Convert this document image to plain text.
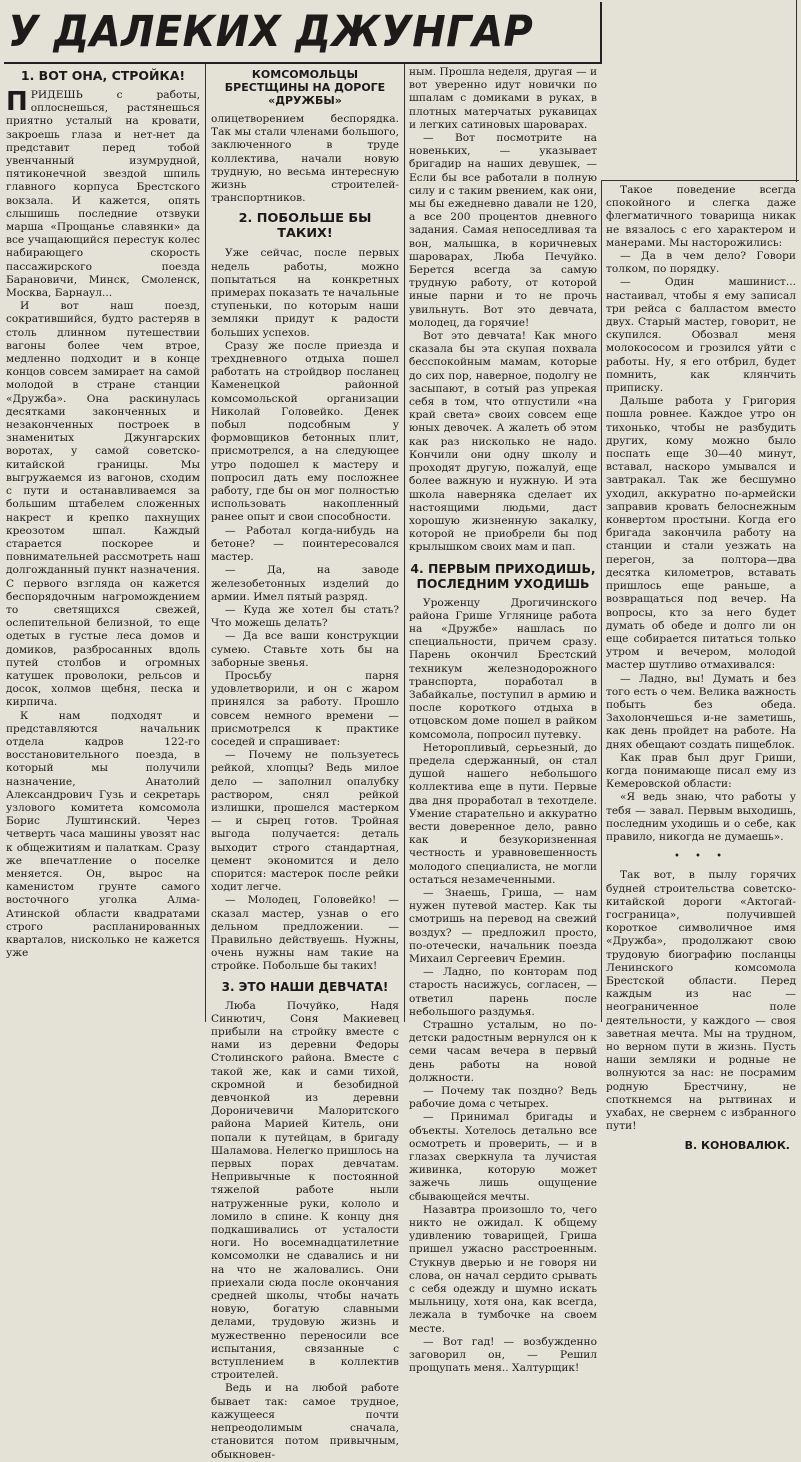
У ДАЛЕКИХ ДЖУНГАР
1. ВОТ ОНА, СТРОЙКА!

ПРИДЕШЬ с работы, оплоснешься, растянешься приятно усталый на кровати, закроешь глаза и нет-нет да представит перед тобой увенчанный изумрудной, пятиконечной звездой шпиль главного корпуса Брестского вокзала. И кажется, опять слышишь последние отзвуки марша «Прощанье славянки» да все учащающийся перестук колес набирающего скорость пассажирского поезда Барановичи, Минск, Смоленск, Москва, Барнаул...

И вот наш поезд, сократившийся, будто растеряв в столь длинном путешествии вагоны более чем втрое, медленно подходит и в конце концов совсем замирает на самой молодой в стране станции «Дружба». Она раскинулась десятками законченных и незаконченных построек в знаменитых Джунгарских воротах, у самой советско-китайской границы. Мы выгружаемся из вагонов, сходим с пути и останавливаемся за большим штабелем сложенных накрест и крепко пахнущих креозотом шпал. Каждый старается поскорее и повнимательней рассмотреть наш долгожданный пункт назначения. С первого взгляда он кажется беспорядочным нагромождением то светящихся свежей, ослепительной белизной, то еще одетых в густые леса домов и домиков, разбросанных вдоль путей столбов и огромных катушек проволоки, рельсов и досок, холмов щебня, песка и кирпича.

К нам подходят и представляются начальник отдела кадров 122-го восстановительного поезда, в который мы получили назначение, Анатолий Александрович Гузь и секретарь узлового комитета комсомола Борис Луштинский. Через четверть часа машины увозят нас к общежитиям и палаткам. Сразу же впечатление о поселке меняется. Он, вырос на каменистом грунте самого восточного уголка Алма-Атинской области квадратами строго распланированных кварталов, нисколько не кажется уже

КОМСОМОЛЬЦЫ БРЕСТЩИНЫ НА ДОРОГЕ «ДРУЖБЫ»

олицетворением беспорядка. Так мы стали членами большого, заключенного в труде коллектива, начали новую трудную, но весьма интересную жизнь строителей-транспортников.

2. ПОБОЛЬШЕ БЫ ТАКИХ!

Уже сейчас, после первых недель работы, можно попытаться на конкретных примерах показать те начальные ступеньки, по которым наши земляки придут к радости больших успехов.

Сразу же после приезда и трехдневного отдыха пошел работать на стройдвор посланец Каменецкой районной комсомольской организации Николай Головейко. Денек побыл подсобным у формовщиков бетонных плит, присмотрелся, а на следующее утро подошел к мастеру и попросил дать ему посложнее работу, где бы он мог полностью использовать накопленный ранее опыт и свои способности.

— Работал когда-нибудь на бетоне? — поинтересовался мастер.

— Да, на заводе железобетонных изделий до армии. Имел пятый разряд.

— Куда же хотел бы стать? Что можешь делать?

— Да все ваши конструкции сумею. Ставьте хоть бы на заборные звенья.

Просьбу парня удовлетворили, и он с жаром принялся за работу. Прошло совсем немного времени — присмотрелся к практике соседей и спрашивает:

— Почему не пользуетесь рейкой, хлопцы? Ведь милое дело — заполнил опалубку раствором, снял рейкой излишки, прошелся мастерком — и сырец готов. Тройная выгода получается: деталь выходит строго стандартная, цемент экономится и дело спорится: мастерок после рейки ходит легче.

— Молодец, Головейко! — сказал мастер, узнав о его дельном предложении. — Правильно действуешь. Нужны, очень нужны нам такие на стройке. Побольше бы таких!

3. ЭТО НАШИ ДЕВЧАТА!

Люба Почуйко, Надя Синютич, Соня Макиевец прибыли на стройку вместе с нами из деревни Федоры Столинского района. Вместе с такой же, как и сами тихой, скромной и безобидной девчонкой из деревни Дороничевичи Малоритского района Марией Китель, они попали к путейцам, в бригаду Шаламова. Нелегко пришлось на первых порах девчатам. Непривычные к постоянной тяжелой работе ныли натруженные руки, кололо и ломило в спине. К концу дня подкашивались от усталости ноги. Но восемнадцатилетние комсомолки не сдавались и ни на что не жаловались. Они приехали сюда после окончания средней школы, чтобы начать новую, богатую славными делами, трудовую жизнь и мужественно переносили все испытания, связанные с вступлением в коллектив строителей.

Ведь и на любой работе бывает так: самое трудное, кажущееся почти непреодолимым сначала, становится потом привычным, обыкновен-

ным. Прошла неделя, другая — и вот уверенно идут новички по шпалам с домиками в руках, в плотных матерчатых рукавицах и легких сатиновых шароварах.

— Вот посмотрите на новеньких, — указывает бригадир на наших девушек, — Если бы все работали в полную силу и с таким рвением, как они, мы бы ежедневно давали не 120, а все 200 процентов дневного задания. Самая непоседливая та вон, малышка, в коричневых шароварах, Люба Печуйко. Берется всегда за самую трудную работу, от которой иные парни и то не прочь увильнуть. Вот это девчата, молодец, да горячие!

Вот это девчата! Как много сказала бы эта скупая похвала бесспокойным мамам, которые до сих пор, наверное, подолгу не засыпают, в сотый раз упрекая себя в том, что отпустили «на край света» своих совсем еще юных девочек. А жалеть об этом как раз нисколько не надо. Кончили они одну школу и проходят другую, пожалуй, еще более важную и нужную. И эта школа наверняка сделает их настоящими людьми, даст хорошую жизненную закалку, которой не приобрели бы под крылышком своих мам и пап.

4. ПЕРВЫМ ПРИХОДИШЬ, ПОСЛЕДНИМ УХОДИШЬ

Уроженцу Дрогичинского района Грише Углянице работа на «Дружбе» нашлась по специальности, причем сразу. Парень окончил Брестский техникум железнодорожного транспорта, поработал в Забайкалье, поступил в армию и после короткого отдыха в отцовском доме пошел в райком комсомола, попросил путевку.

Неторопливый, серьезный, до предела сдержанный, он стал душой нашего небольшого коллектива еще в пути. Первые два дня проработал в техотделе. Умение старательно и аккуратно вести доверенное дело, равно как и безукоризненная честность и уравновешенность молодого специалиста, не могли остаться незамеченными.

— Знаешь, Гриша, — нам нужен путевой мастер. Как ты смотришь на перевод на свежий воздух? — предложил просто, по-отечески, начальник поезда Михаил Сергеевич Еремин.

— Ладно, по конторам под старость насижусь, согласен, — ответил парень после небольшого раздумья.

Страшно усталым, но по-детски радостным вернулся он к семи часам вечера в первый день работы на новой должности.

— Почему так поздно? Ведь рабочие дома с четырех.

— Принимал бригады и объекты. Хотелось детально все осмотреть и проверить, — и в глазах сверкнула та лучистая живинка, которую может зажечь лишь ощущение сбывающейся мечты.

Назавтра произошло то, чего никто не ожидал. К общему удивлению товарищей, Гриша пришел ужасно расстроенным. Стукнув дверью и не говоря ни слова, он начал сердито срывать с себя одежду и шумно искать мыльницу, хотя она, как всегда, лежала в тумбочке на своем месте.

— Вот гад! — возбужденно заговорил он, — Решил прощупать меня.. Халтурщик!

Такое поведение всегда спокойного и слегка даже флегматичного товарища никак не вязалось с его характером и манерами. Мы насторожились:

— Да в чем дело? Говори толком, по порядку.

— Один машинист... настаивал, чтобы я ему записал три рейса с балластом вместо двух. Старый мастер, говорит, не скупился. Обозвал меня молокососом и грозился уйти с работы. Ну, я его отбрил, будет помнить, как клянчить приписку.

Дальше работа у Григория пошла ровнее. Каждое утро он тихонько, чтобы не разбудить других, кому можно было поспать еще 30—40 минут, вставал, наскоро умывался и завтракал. Так же бесшумно уходил, аккуратно по-армейски заправив кровать белоснежным конвертом простыни. Когда его бригада закончила работу на станции и стали уезжать на перегон, за полтора—два десятка километров, вставать пришлось еще раньше, а возвращаться под вечер. На вопросы, кто за него будет думать об обеде и долго ли он еще собирается питаться только утром и вечером, молодой мастер шутливо отмахивался:

— Ладно, вы! Думать и без того есть о чем. Велика важность побыть без обеда. Захолончешься и-не заметишь, как день пройдет на работе. На днях обещают создать пищеблок.

Как прав был друг Гриши, когда понимающе писал ему из Кемеровской области:

«Я ведь знаю, что работы у тебя — завал. Первым выходишь, последним уходишь и о себе, как правило, никогда не думаешь».

• • •

Так вот, в пылу горячих будней строительства советско-китайской дороги «Актогай-госграница», получившей короткое символичное имя «Дружба», продолжают свою трудовую биографию посланцы Ленинского комсомола Брестской области. Перед каждым из нас — неограниченное поле деятельности, у каждого — своя заветная мечта. Мы на трудном, но верном пути в жизнь. Пусть наши земляки и родные не волнуются за нас: не посрамим родную Брестчину, не споткнемся на рытвинах и ухабах, не свернем с избранного пути!

В. КОНОВАЛЮК.
